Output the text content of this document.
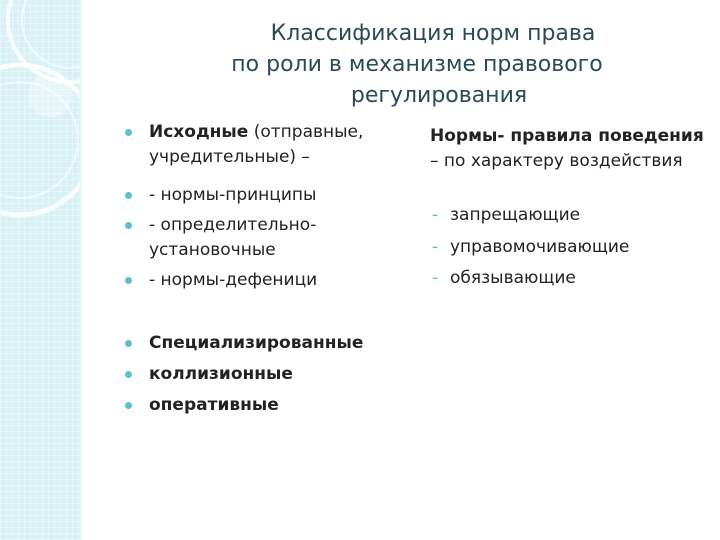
Классификация норм права
по роли в механизме правового
регулирования
Исходные (отправные, учредительные) –
- нормы-принципы
- определительно-установочные
- нормы-дефеници
Специализированные
коллизионные
оперативные
Нормы- правила поведения – по характеру воздействия
- запрещающие
- управомочивающие
- обязывающие
